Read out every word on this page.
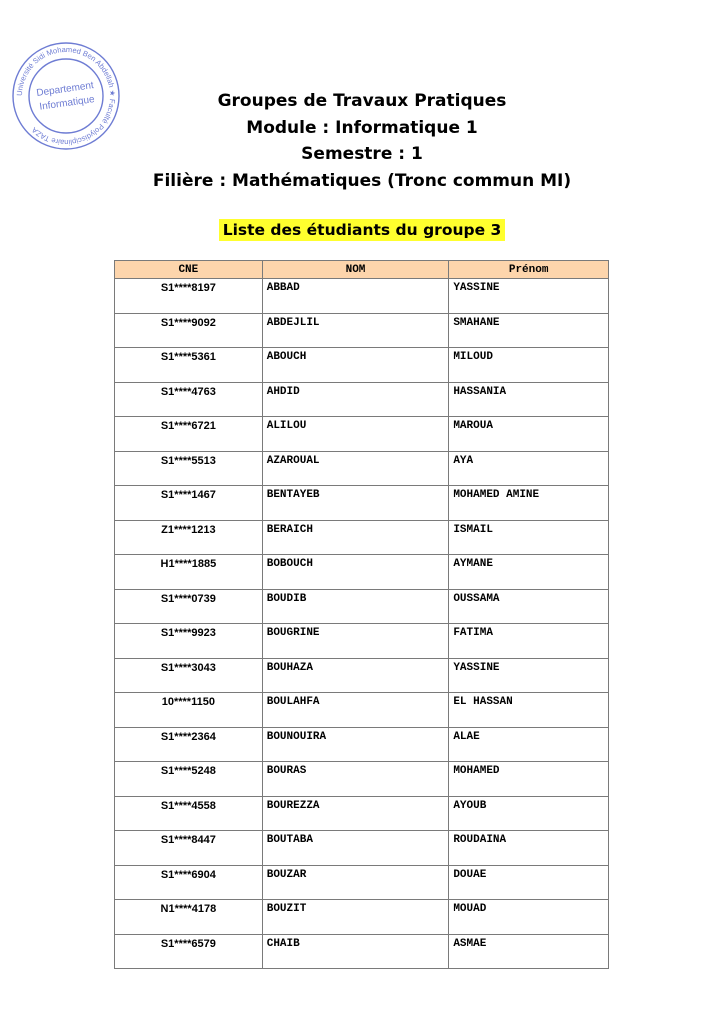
Université Sidi Mohamed Ben Abdellah ★ Faculté Polydisciplinaire TAZA
Departement
Informatique	Groupes de Travaux Pratiques
Module : Informatique 1
Semestre : 1
Filière : Mathématiques (Tronc commun MI)
Liste des étudiants du groupe 3
CNE	NOM	Prénom
S1****8197	ABBAD	YASSINE
S1****9092	ABDEJLIL	SMAHANE
S1****5361	ABOUCH	MILOUD
S1****4763	AHDID	HASSANIA
S1****6721	ALILOU	MAROUA
S1****5513	AZAROUAL	AYA
S1****1467	BENTAYEB	MOHAMED AMINE
Z1****1213	BERAICH	ISMAIL
H1****1885	BOBOUCH	AYMANE
S1****0739	BOUDIB	OUSSAMA
S1****9923	BOUGRINE	FATIMA
S1****3043	BOUHAZA	YASSINE
10****1150	BOULAHFA	EL HASSAN
S1****2364	BOUNOUIRA	ALAE
S1****5248	BOURAS	MOHAMED
S1****4558	BOUREZZA	AYOUB
S1****8447	BOUTABA	ROUDAINA
S1****6904	BOUZAR	DOUAE
N1****4178	BOUZIT	MOUAD
S1****6579	CHAIB	ASMAE
